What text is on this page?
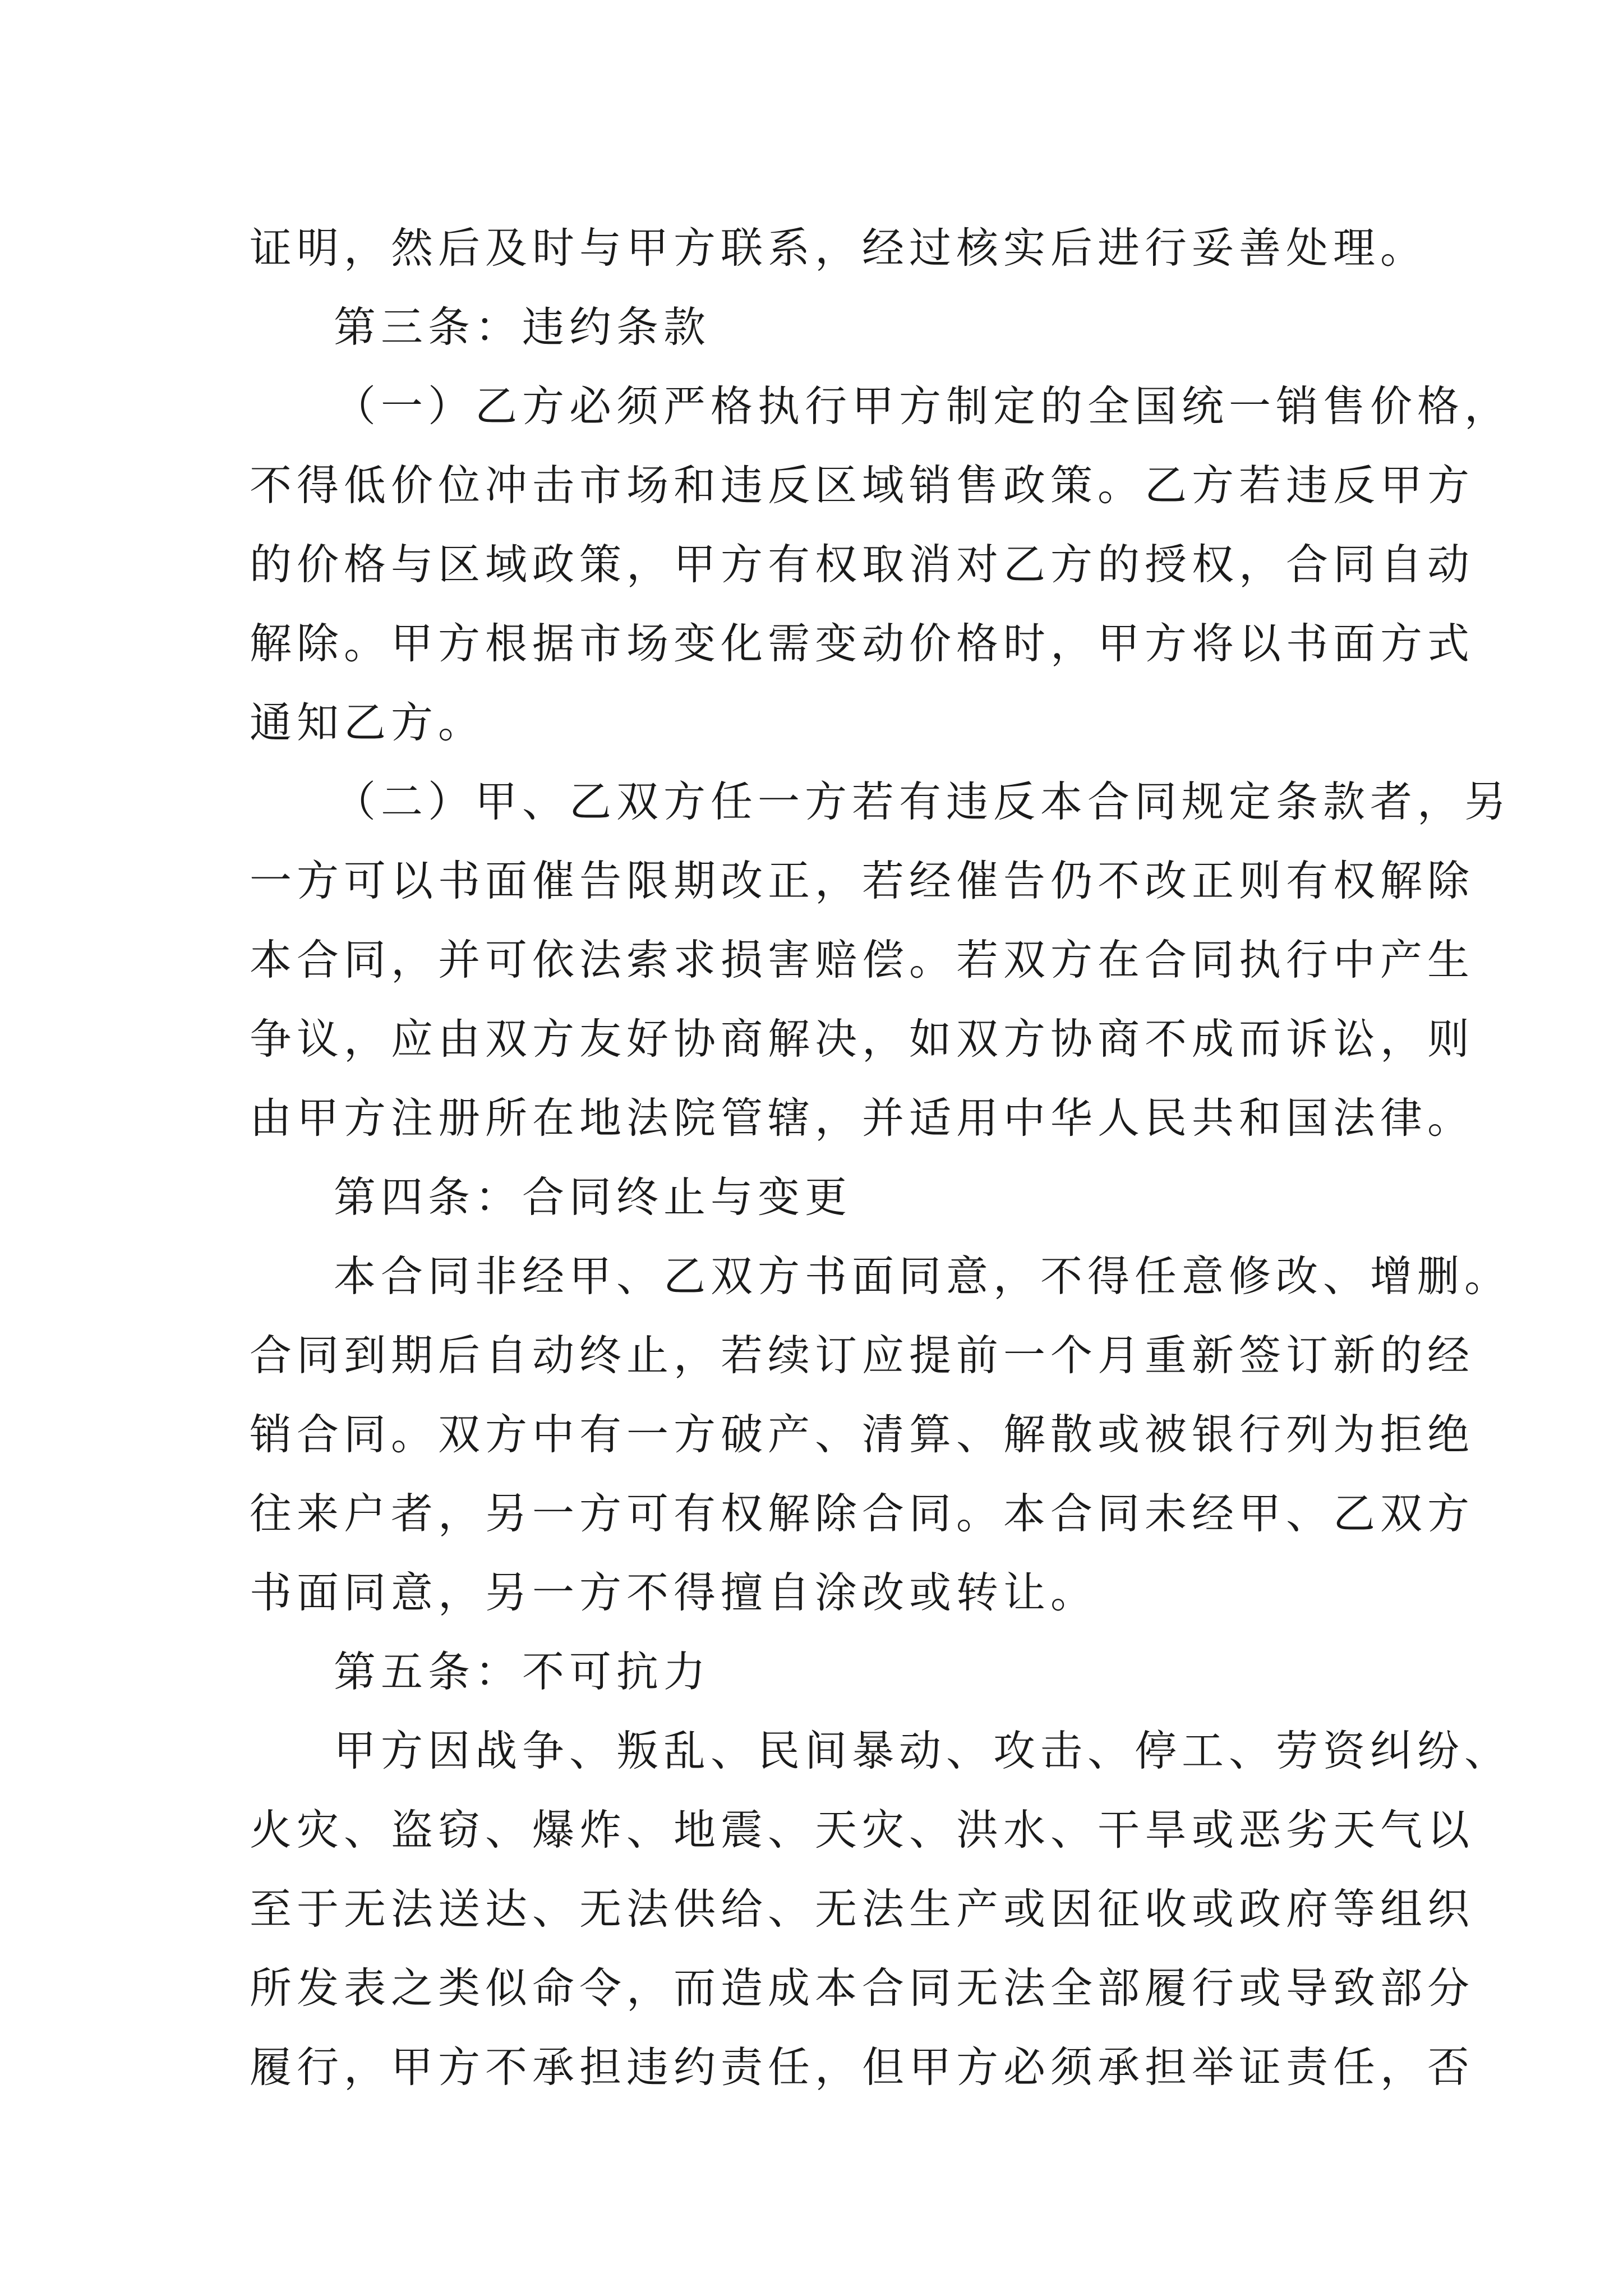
证明，然后及时与甲方联系，经过核实后进行妥善处理。
第三条：违约条款
（一）乙方必须严格执行甲方制定的全国统一销售价格，
不得低价位冲击市场和违反区域销售政策。乙方若违反甲方
的价格与区域政策，甲方有权取消对乙方的授权，合同自动
解除。甲方根据市场变化需变动价格时，甲方将以书面方式
通知乙方。
（二）甲、乙双方任一方若有违反本合同规定条款者，另
一方可以书面催告限期改正，若经催告仍不改正则有权解除
本合同，并可依法索求损害赔偿。若双方在合同执行中产生
争议，应由双方友好协商解决，如双方协商不成而诉讼，则
由甲方注册所在地法院管辖，并适用中华人民共和国法律。
第四条：合同终止与变更
本合同非经甲、乙双方书面同意，不得任意修改、增删。
合同到期后自动终止，若续订应提前一个月重新签订新的经
销合同。双方中有一方破产、清算、解散或被银行列为拒绝
往来户者，另一方可有权解除合同。本合同未经甲、乙双方
书面同意，另一方不得擅自涂改或转让。
第五条：不可抗力
甲方因战争、叛乱、民间暴动、攻击、停工、劳资纠纷、
火灾、盗窃、爆炸、地震、天灾、洪水、干旱或恶劣天气以
至于无法送达、无法供给、无法生产或因征收或政府等组织
所发表之类似命令，而造成本合同无法全部履行或导致部分
履行，甲方不承担违约责任，但甲方必须承担举证责任，否
